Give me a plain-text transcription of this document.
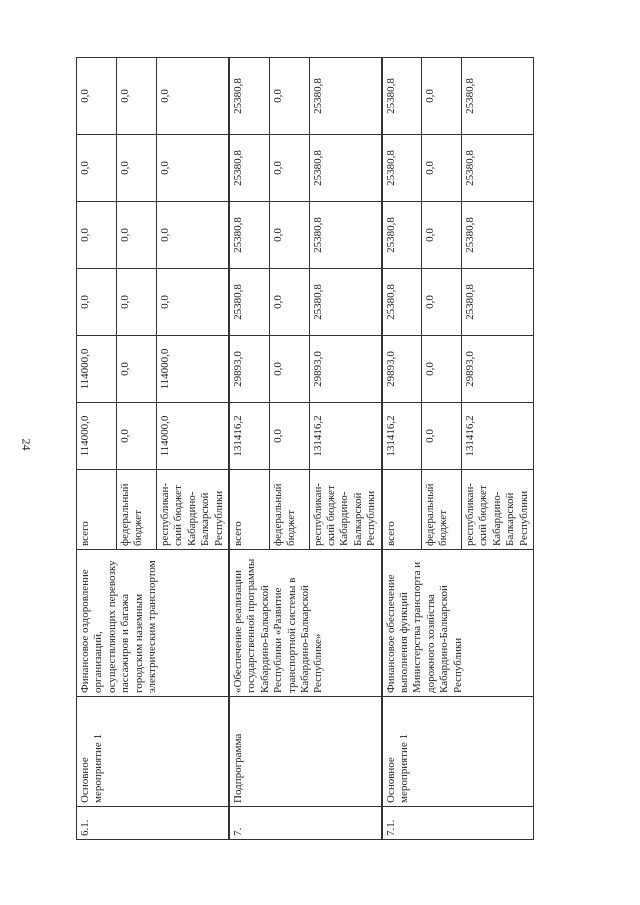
24
6.1.	Основное мероприятие 1	Финансовое оздоровление организаций, осуществляющих перевозку пассажиров и багажа городским наземным электрическим транспортом	всего	114000,0	114000,0	0,0	0,0	0,0	0,0
			федеральный бюджет	0,0	0,0	0,0	0,0	0,0	0,0
			республикан-ский бюджет Кабардино-Балкарской Республики	114000,0	114000,0	0,0	0,0	0,0	0,0
7.	Подпрограмма	«Обеспечение реализации государственной программы Кабардино-Балкарской Республики «Развитие транспортной системы в Кабардино-Балкарской Республике»	всего	131416,2	29893,0	25380,8	25380,8	25380,8	25380,8
			федеральный бюджет	0,0	0,0	0,0	0,0	0,0	0,0
			республикан-ский бюджет Кабардино-Балкарской Республики	131416,2	29893,0	25380,8	25380,8	25380,8	25380,8
7.1.	Основное мероприятие 1	Финансовое обеспечение выполнения функций Министерства транспорта и дорожного хозяйства Кабардино-Балкарской Республики	всего	131416,2	29893,0	25380,8	25380,8	25380,8	25380,8
			федеральный бюджет	0,0	0,0	0,0	0,0	0,0	0,0
			республикан-ский бюджет Кабардино-Балкарской Республики	131416,2	29893,0	25380,8	25380,8	25380,8	25380,8
